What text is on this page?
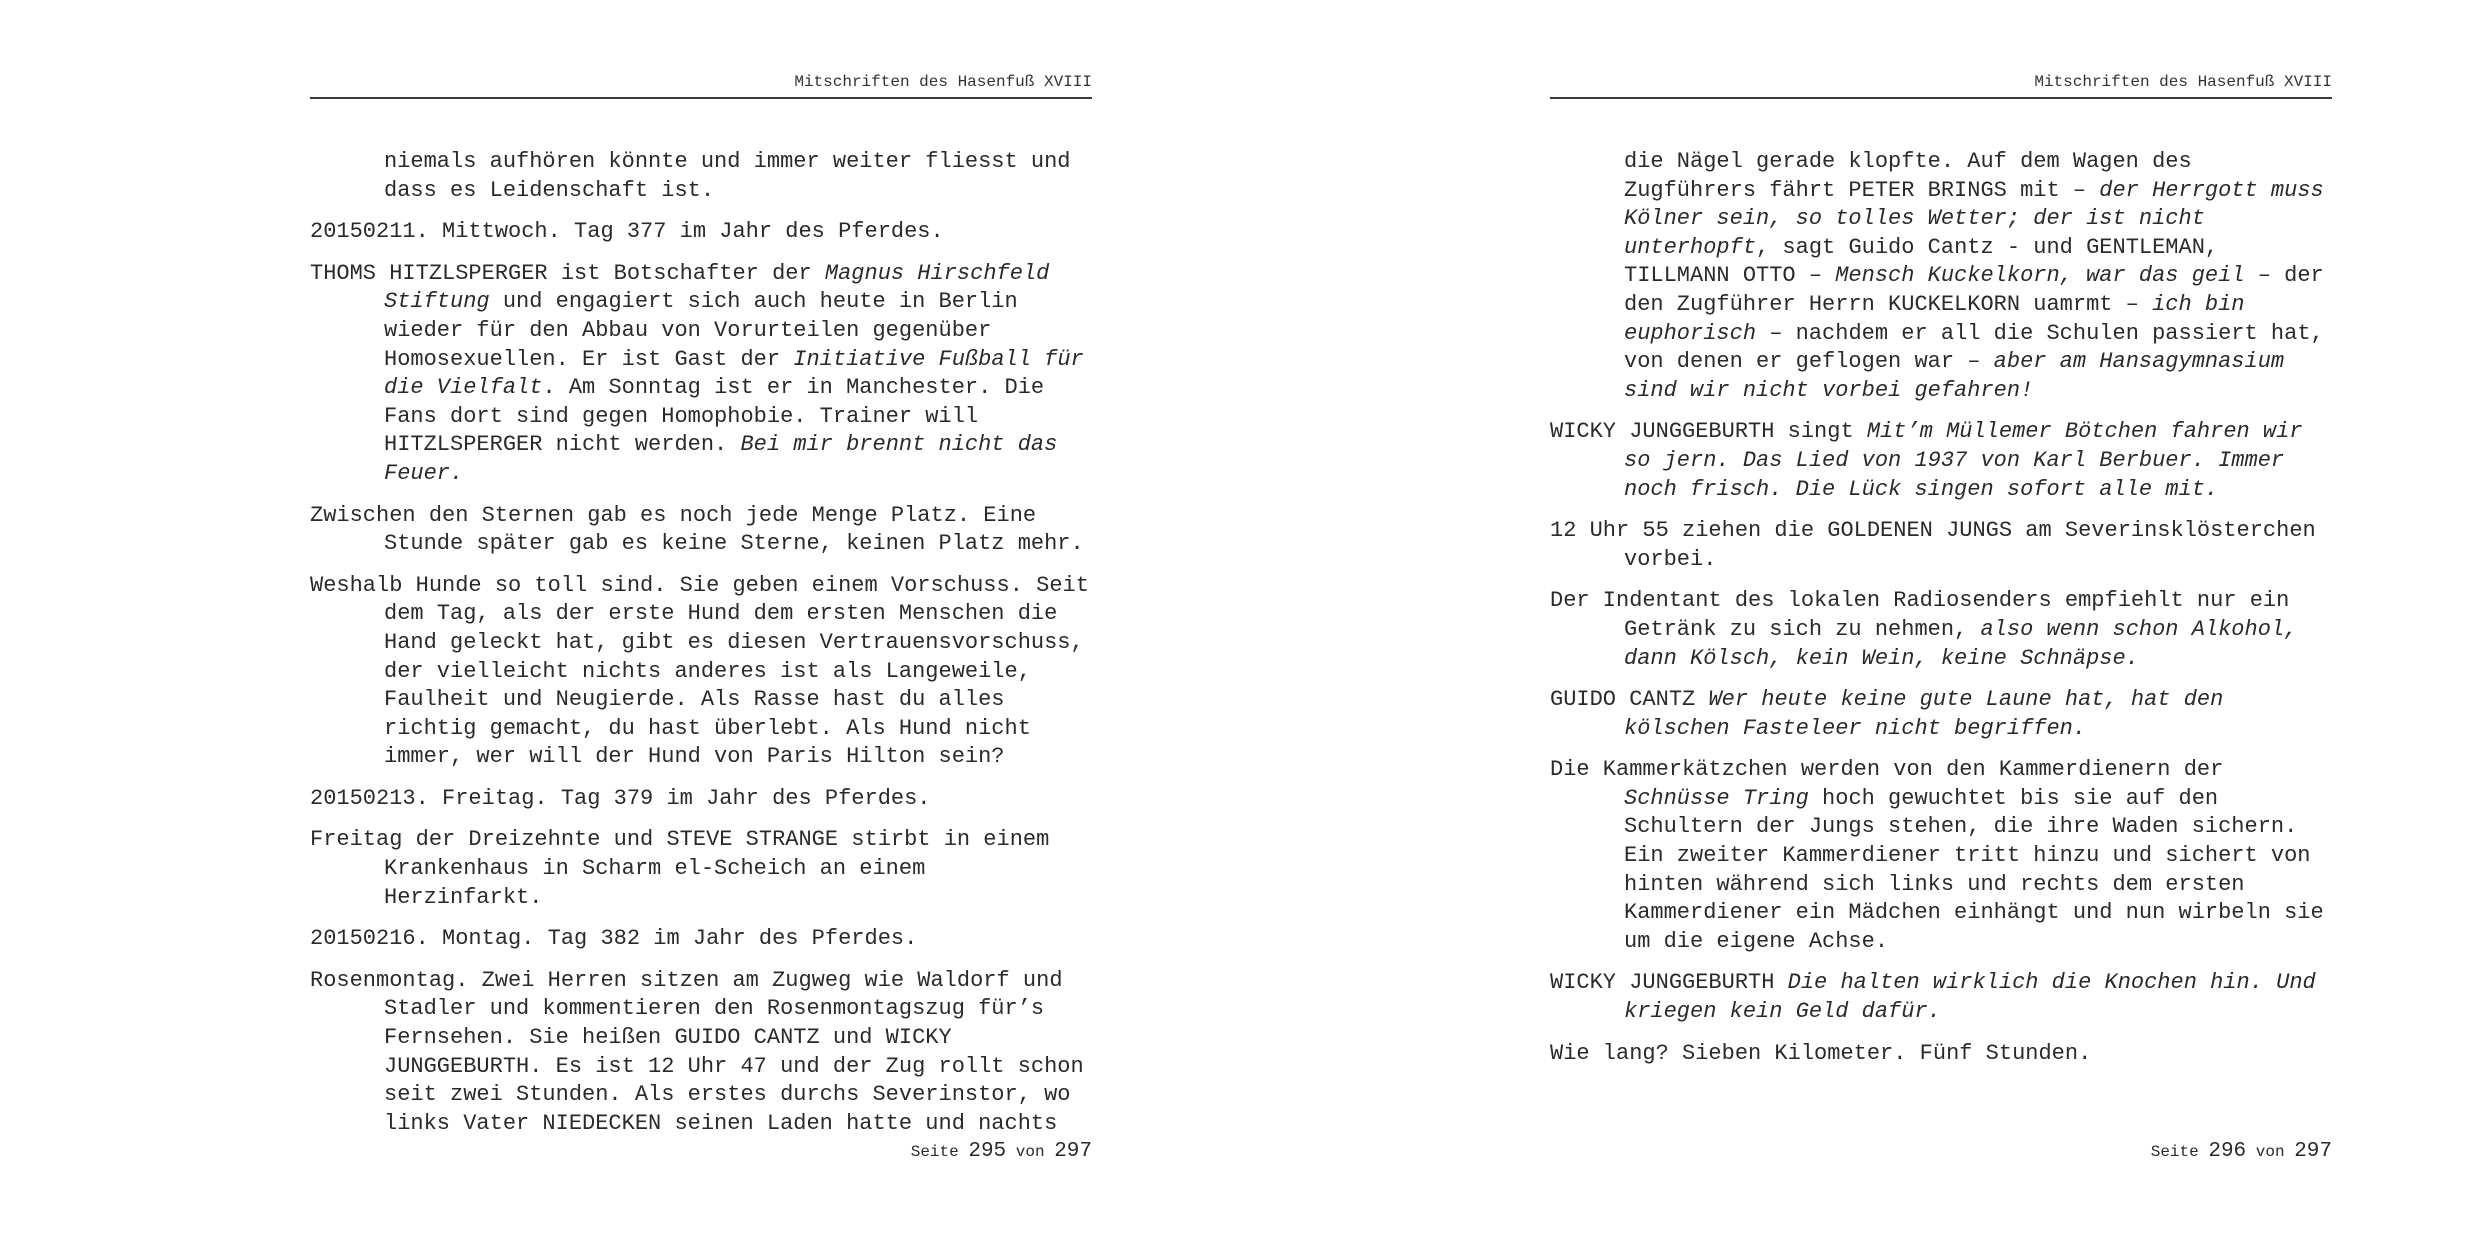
Mitschriften des Hasenfuß XVIII

niemals aufhören könnte und immer weiter fliesst und dass es Leidenschaft ist.

20150211. Mittwoch. Tag 377 im Jahr des Pferdes.

THOMS HITZLSPERGER ist Botschafter der Magnus Hirschfeld Stiftung und engagiert sich auch heute in Berlin wieder für den Abbau von Vorurteilen gegenüber Homosexuellen. Er ist Gast der Initiative Fußball für die Vielfalt. Am Sonntag ist er in Manchester. Die Fans dort sind gegen Homophobie. Trainer will HITZLSPERGER nicht werden. Bei mir brennt nicht das Feuer.

Zwischen den Sternen gab es noch jede Menge Platz. Eine Stunde später gab es keine Sterne, keinen Platz mehr.

Weshalb Hunde so toll sind. Sie geben einem Vorschuss. Seit dem Tag, als der erste Hund dem ersten Menschen die Hand geleckt hat, gibt es diesen Vertrauensvorschuss, der vielleicht nichts anderes ist als Langeweile, Faulheit und Neugierde. Als Rasse hast du alles richtig gemacht, du hast überlebt. Als Hund nicht immer, wer will der Hund von Paris Hilton sein?

20150213. Freitag. Tag 379 im Jahr des Pferdes.

Freitag der Dreizehnte und STEVE STRANGE stirbt in einem Krankenhaus in Scharm el-Scheich an einem Herzinfarkt.

20150216. Montag. Tag 382 im Jahr des Pferdes.

Rosenmontag. Zwei Herren sitzen am Zugweg wie Waldorf und Stadler und kommentieren den Rosenmontagszug für’s Fernsehen. Sie heißen GUIDO CANTZ und WICKY JUNGGEBURTH. Es ist 12 Uhr 47 und der Zug rollt schon seit zwei Stunden. Als erstes durchs Severinstor, wo links Vater NIEDECKEN seinen Laden hatte und nachts

Seite 295 von 297
Mitschriften des Hasenfuß XVIII

die Nägel gerade klopfte. Auf dem Wagen des Zugführers fährt PETER BRINGS mit – der Herrgott muss Kölner sein, so tolles Wetter; der ist nicht unterhopft, sagt Guido Cantz - und GENTLEMAN, TILLMANN OTTO – Mensch Kuckelkorn, war das geil – der den Zugführer Herrn KUCKELKORN uamrmt – ich bin euphorisch – nachdem er all die Schulen passiert hat, von denen er geflogen war – aber am Hansagymnasium sind wir nicht vorbei gefahren!

WICKY JUNGGEBURTH singt Mit’m Müllemer Bötchen fahren wir so jern. Das Lied von 1937 von Karl Berbuer. Immer noch frisch. Die Lück singen sofort alle mit.

12 Uhr 55 ziehen die GOLDENEN JUNGS am Severinsklösterchen vorbei.

Der Indentant des lokalen Radiosenders empfiehlt nur ein Getränk zu sich zu nehmen, also wenn schon Alkohol, dann Kölsch, kein Wein, keine Schnäpse.

GUIDO CANTZ Wer heute keine gute Laune hat, hat den kölschen Fasteleer nicht begriffen.

Die Kammerkätzchen werden von den Kammerdienern der Schnüsse Tring hoch gewuchtet bis sie auf den Schultern der Jungs stehen, die ihre Waden sichern. Ein zweiter Kammerdiener tritt hinzu und sichert von hinten während sich links und rechts dem ersten Kammerdiener ein Mädchen einhängt und nun wirbeln sie um die eigene Achse.

WICKY JUNGGEBURTH Die halten wirklich die Knochen hin. Und kriegen kein Geld dafür.

Wie lang? Sieben Kilometer. Fünf Stunden.

Seite 296 von 297
